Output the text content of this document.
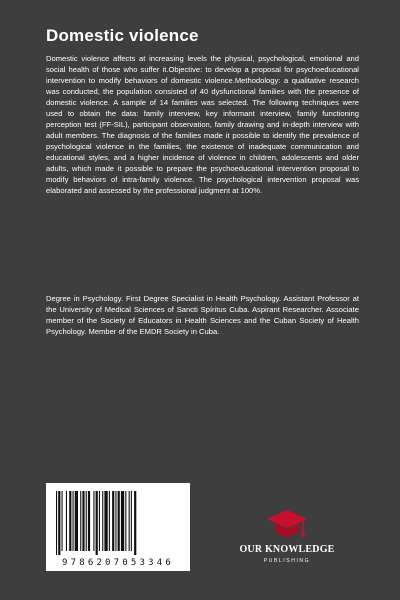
Domestic violence

Domestic violence affects at increasing levels the physical, psychological, emotional and social health of those who suffer it.Objective: to develop a proposal for psychoeducational intervention to modify behaviors of domestic violence.Methodology: a qualitative research was conducted, the population consisted of 40 dysfunctional families with the presence of domestic violence. A sample of 14 families was selected. The following techniques were used to obtain the data: family interview, key informant interview, family functioning perception test (FF-SIL), participant observation, family drawing and in-depth interview with adult members. The diagnosis of the families made it possible to identify the prevalence of psychological violence in the families, the existence of inadequate communication and educational styles, and a higher incidence of violence in children, adolescents and older adults, which made it possible to prepare the psychoeducational intervention proposal to modify behaviors of intra-family violence. The psychological intervention proposal was elaborated and assessed by the professional judgment at 100%.

Degree in Psychology. First Degree Specialist in Health Psychology. Assistant Professor at the University of Medical Sciences of Sancti Spíritus Cuba. Aspirant Researcher. Associate member of the Society of Educators in Health Sciences and the Cuban Society of Health Psychology. Member of the EMDR Society in Cuba.

9786207053346
OUR KNOWLEDGE
PUBLISHING
